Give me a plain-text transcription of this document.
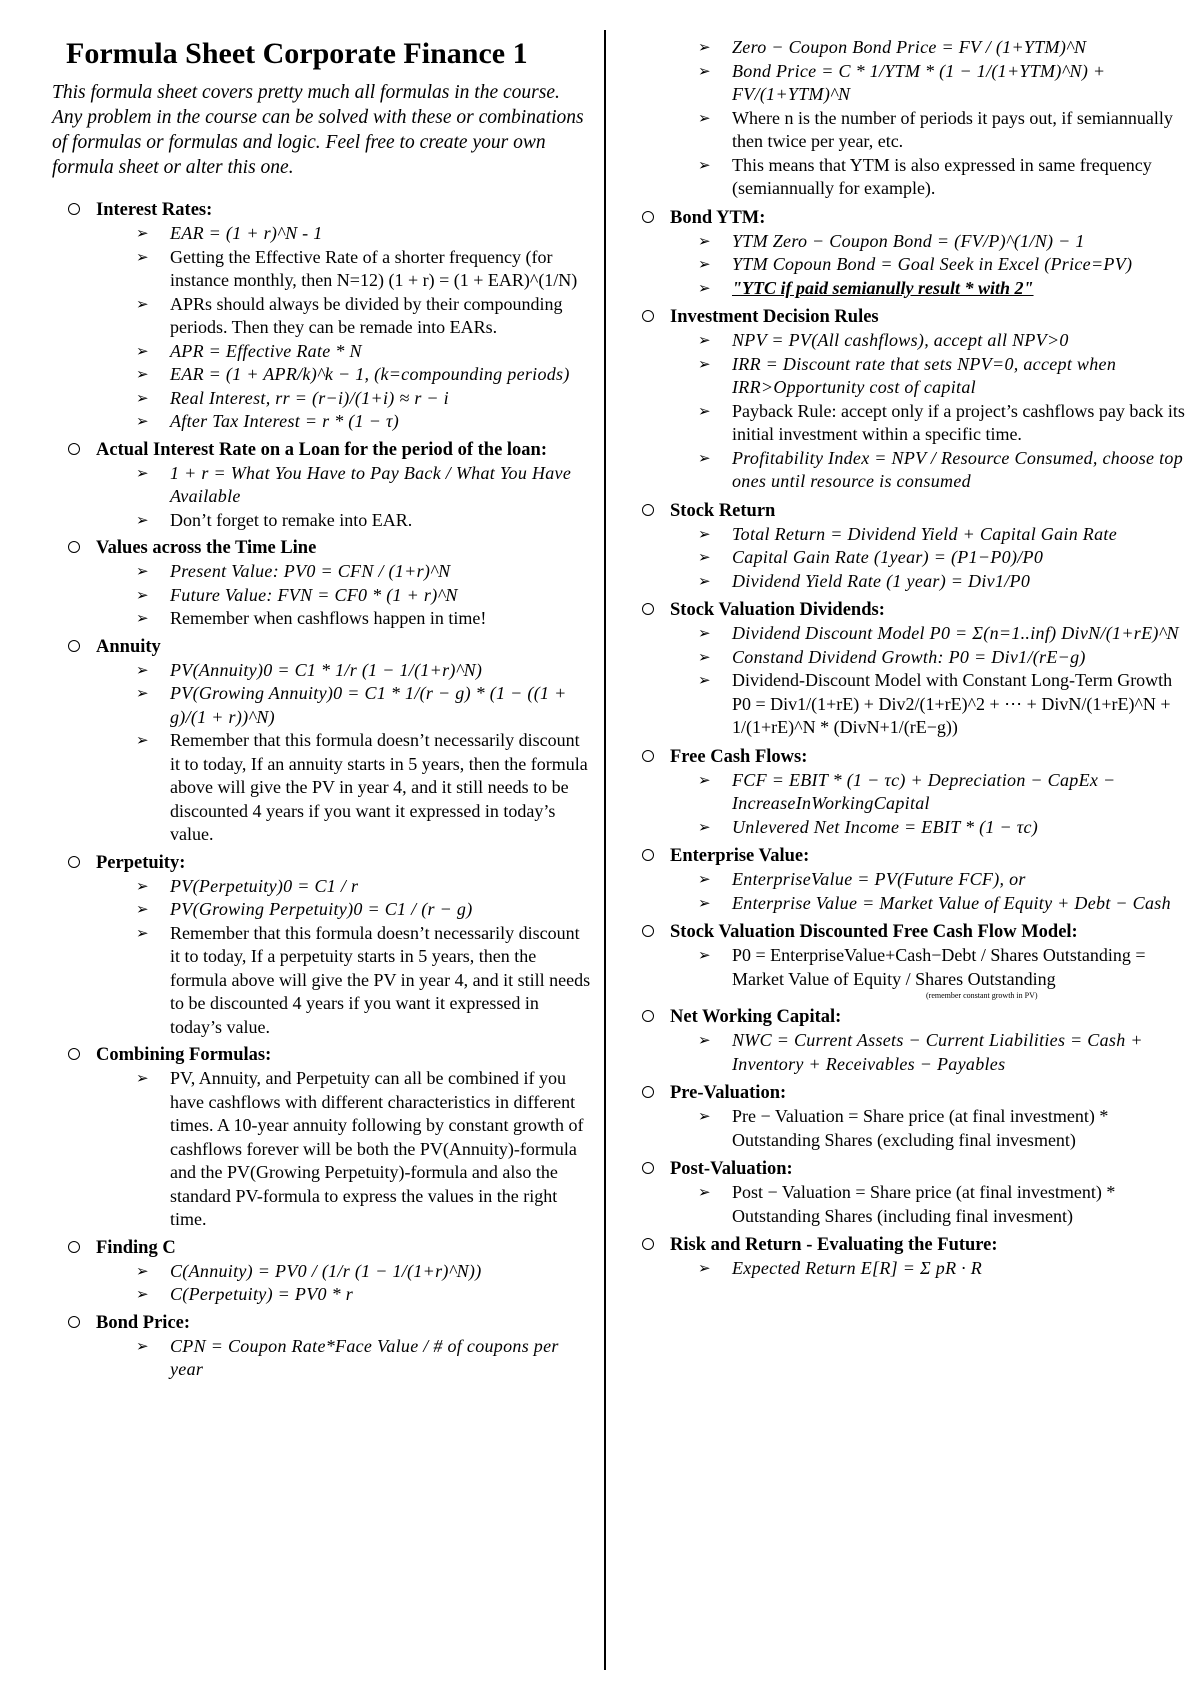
Formula Sheet Corporate Finance 1

This formula sheet covers pretty much all formulas in the course. Any problem in the course can be solved with these or combinations of formulas or formulas and logic. Feel free to create your own formula sheet or alter this one.

Interest Rates:
➢ EAR = (1 + r)^N - 1
➢ Getting the Effective Rate of a shorter frequency (for instance monthly, then N=12) (1 + r) = (1 + EAR)^(1/N)
➢ APRs should always be divided by their compounding periods. Then they can be remade into EARs.
➢ APR = Effective Rate * N
➢ EAR = (1 + APR/k)^k − 1, (k=compounding periods)
➢ Real Interest, rr = (r−i)/(1+i) ≈ r − i
➢ After Tax Interest = r * (1 − τ)
Actual Interest Rate on a Loan for the period of the loan:
➢ 1 + r = What You Have to Pay Back / What You Have Available
➢ Don’t forget to remake into EAR.
Values across the Time Line
➢ Present Value: PV0 = CFN / (1+r)^N
➢ Future Value: FVN = CF0 * (1 + r)^N
➢ Remember when cashflows happen in time!
Annuity
➢ PV(Annuity)0 = C1 * 1/r (1 − 1/(1+r)^N)
➢ PV(Growing Annuity)0 = C1 * 1/(r − g) * (1 − ((1 + g)/(1 + r))^N)
➢ Remember that this formula doesn’t necessarily discount it to today, If an annuity starts in 5 years, then the formula above will give the PV in year 4, and it still needs to be discounted 4 years if you want it expressed in today’s value.
Perpetuity:
➢ PV(Perpetuity)0 = C1 / r
➢ PV(Growing Perpetuity)0 = C1 / (r − g)
➢ Remember that this formula doesn’t necessarily discount it to today, If a perpetuity starts in 5 years, then the formula above will give the PV in year 4, and it still needs to be discounted 4 years if you want it expressed in today’s value.
Combining Formulas:
➢ PV, Annuity, and Perpetuity can all be combined if you have cashflows with different characteristics in different times. A 10-year annuity following by constant growth of cashflows forever will be both the PV(Annuity)-formula and the PV(Growing Perpetuity)-formula and also the standard PV-formula to express the values in the right time.
Finding C
➢ C(Annuity) = PV0 / (1/r (1 − 1/(1+r)^N))
➢ C(Perpetuity) = PV0 * r
Bond Price:
➢ CPN = Coupon Rate*Face Value / # of coupons per year
➢ Zero − Coupon Bond Price = FV / (1+YTM)^N
➢ Bond Price = C * 1/YTM * (1 − 1/(1+YTM)^N) + FV/(1+YTM)^N
➢ Where n is the number of periods it pays out, if semiannually then twice per year, etc.
➢ This means that YTM is also expressed in same frequency (semiannually for example).
Bond YTM:
➢ YTM Zero − Coupon Bond = (FV/P)^(1/N) − 1
➢ YTM Copoun Bond = Goal Seek in Excel (Price=PV)
➢ "YTC if paid semianully result * with 2"
Investment Decision Rules
➢ NPV = PV(All cashflows), accept all NPV>0
➢ IRR = Discount rate that sets NPV=0, accept when IRR>Opportunity cost of capital
➢ Payback Rule: accept only if a project’s cashflows pay back its initial investment within a specific time.
➢ Profitability Index = NPV / Resource Consumed, choose top ones until resource is consumed
Stock Return
➢ Total Return = Dividend Yield + Capital Gain Rate
➢ Capital Gain Rate (1year) = (P1−P0)/P0
➢ Dividend Yield Rate (1 year) = Div1/P0
Stock Valuation Dividends:
➢ Dividend Discount Model P0 = Σ(n=1..inf) DivN/(1+rE)^N
➢ Constand Dividend Growth: P0 = Div1/(rE−g)
➢ Dividend-Discount Model with Constant Long-Term Growth P0 = Div1/(1+rE) + Div2/(1+rE)^2 + ⋯ + DivN/(1+rE)^N + 1/(1+rE)^N * (DivN+1/(rE−g))
Free Cash Flows:
➢ FCF = EBIT * (1 − τc) + Depreciation − CapEx − IncreaseInWorkingCapital
➢ Unlevered Net Income = EBIT * (1 − τc)
Enterprise Value:
➢ EnterpriseValue = PV(Future FCF), or
➢ Enterprise Value = Market Value of Equity + Debt − Cash
Stock Valuation Discounted Free Cash Flow Model:
➢ P0 = EnterpriseValue+Cash−Debt / Shares Outstanding = Market Value of Equity / Shares Outstanding
(remember constant growth in PV)
Net Working Capital:
➢ NWC = Current Assets − Current Liabilities = Cash + Inventory + Receivables − Payables
Pre-Valuation:
➢ Pre − Valuation = Share price (at final investment) * Outstanding Shares (excluding final invesment)
Post-Valuation:
➢ Post − Valuation = Share price (at final investment) * Outstanding Shares (including final invesment)
Risk and Return - Evaluating the Future:
➢ Expected Return E[R] = Σ pR · R
